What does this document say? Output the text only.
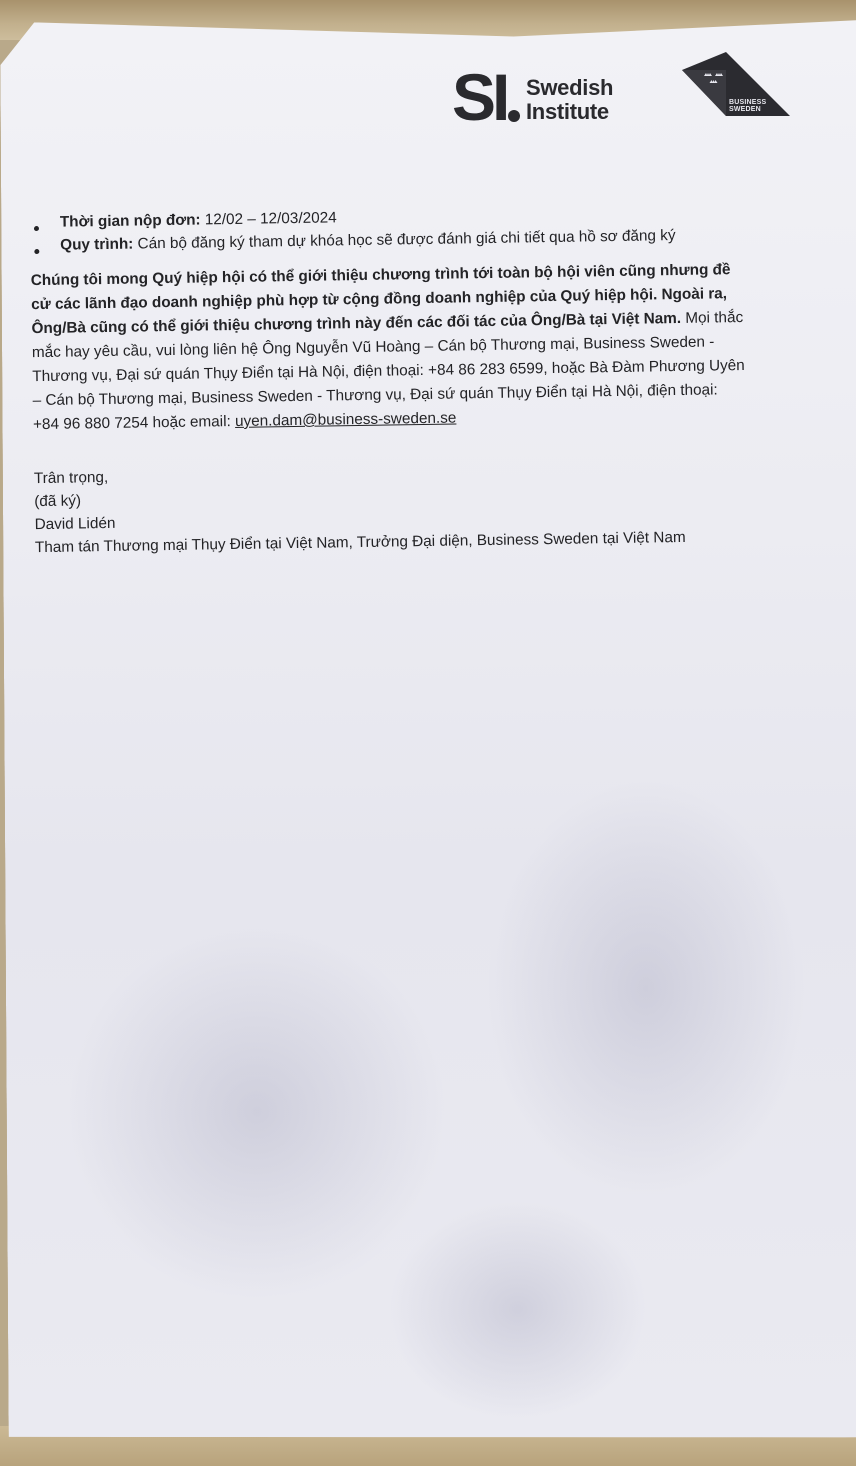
SI Swedish
Institute	BUSINESS
SWEDEN
Thời gian nộp đơn: 12/02 – 12/03/2024
Quy trình: Cán bộ đăng ký tham dự khóa học sẽ được đánh giá chi tiết qua hồ sơ đăng ký
Chúng tôi mong Quý hiệp hội có thể giới thiệu chương trình tới toàn bộ hội viên cũng nhưng đề
cử các lãnh đạo doanh nghiệp phù hợp từ cộng đồng doanh nghiệp của Quý hiệp hội. Ngoài ra,
Ông/Bà cũng có thể giới thiệu chương trình này đến các đối tác của Ông/Bà tại Việt Nam. Mọi thắc
mắc hay yêu cầu, vui lòng liên hệ Ông Nguyễn Vũ Hoàng – Cán bộ Thương mại, Business Sweden -
Thương vụ, Đại sứ quán Thụy Điển tại Hà Nội, điện thoại: +84 86 283 6599, hoặc Bà Đàm Phương Uyên
– Cán bộ Thương mại, Business Sweden - Thương vụ, Đại sứ quán Thụy Điển tại Hà Nội, điện thoại:
+84 96 880 7254 hoặc email: uyen.dam@business-sweden.se
Trân trọng,
(đã ký)
David Lidén
Tham tán Thương mại Thụy Điển tại Việt Nam, Trưởng Đại diện, Business Sweden tại Việt Nam
